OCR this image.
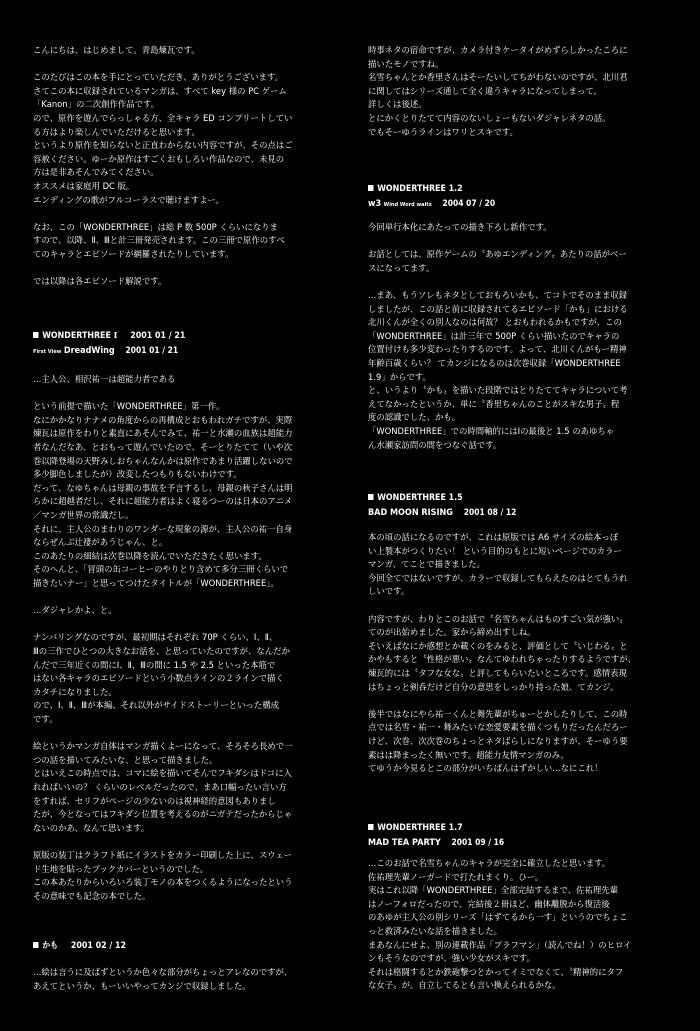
こんにちは、はじめまして。青島煉瓦です。
このたびはこの本を手にとっていただき、ありがとうございます。
さてこの本に収録されているマンガは、すべて key 様の PC ゲーム
「Kanon」の二次創作作品です。
ので、原作を遊んでらっしゃる方、全キャラ ED コンプリートしてい
る方はより楽しんでいただけると思います。
というより原作を知らないと正直わからない内容ですが、その点はご
容赦ください。ゆーか原作はすごくおもしろい作品なので、未見の
方は是非あそんでみてください。
オススメは家庭用 DC 版。
エンディングの歌がフルコーラスで聴けますよー。
なお、この「WONDERTHREE」は総 P 数 500P くらいになりま
すので、以降、Ⅱ、Ⅲと計三冊発売されます。この三冊で原作のすべ
てのキャラとエピソードが網羅されたりしています。
では以降は各エピソード解説です。
WONDERTHREE Ⅰ 2001 01 / 21
First View DreadWing 2001 01 / 21
…主人公、相沢祐一は超能力者である
という前提で描いた「WONDERTHREE」第一作。
なにかかなりナナメの角度からの再構成とおもわれガチですが、実際
煉瓦は原作をわりと素直にあそんでみて、祐一と水瀬の血族は超能力
者なんだなあ、とおもって遊んでいたので、そーとりたてて（いや次
巻以降登場の天野みしおちゃんなんかは原作であまり活躍しないので
多少脚色しましたが）改変したつもりもないわけです。
だって、なゆちゃんは母親の事故を予言するし、母親の秋子さんは明
らかに超越者だし、それに超能力者はよく寝るつーのは日本のアニメ
／マンガ世界の常識だし。
それに、主人公のまわりのワンダーな現象の源が、主人公の祐一自身
ならぜんぶ辻褄があうじゃん、と。
このあたりの細結は次巻以降を読んでいただきたく思います。
そのへんと、「冒頭の缶コーヒーのやりとり含めて多分三冊くらいで
描きたいナー」と思ってつけたタイトルが「WONDERTHREE」。
…ダジャレかよ、と。
ナンバリングなのですが、最初期はそれぞれ 70P くらい、Ⅰ、Ⅱ、
Ⅲの三作でひとつの大きなお話を、と思っていたのですが、なんだか
んだで三年近くの間にⅠ、Ⅱ、Ⅲの間に 1.5 や 2.5 といった本筋で
はない各キャラのエピソードという小数点ラインの２ラインで描く
カタチになりました。
ので、Ⅰ、Ⅱ、Ⅲが本編、それ以外がサイドストーリーといった構成
です。
絵というかマンガ自体はマンガ描くよーになって、そろそろ長めで一
つの話を描いてみたいな、と思って描きました。
とはいえこの時点では、コマに絵を描いてそんでフキダシはドコに入
れればいいの？ くらいのレベルだったので、まあ口幅ったい言い方
をすれば、セリフがページの少ないのは視神経的意図もありまし
たが、今となってはフキダシ位置を考えるのがニガテだったからじゃ
ないのかあ、なんて思います。
原版の装丁はクラフト紙にイラストをカラー印刷した上に、スウェー
ド生地を貼ったブックカバーというのでした。
この本あたりからいろいろ装丁モノの本をつくるようになったという
その意味でも記念の本でした。
かも 2001 02 / 12
…絵は言うに及ばずというか色々な部分がちょっとアレなのですが、
あえてというか、もーいいやってカンジで収録しました。
時事ネタの宿命ですが、カメラ付きケータイがめずらしかったころに
描いたモノですね。
名雪ちゃんとか香里さんはそーたいしてちがわないのですが、北川君
に関してはシリーズ通して全く違うキャラになってしまって。
詳しくは後述。
とにかくとりたてて内容のないしょーもないダジャレネタの話。
でもそーゆうラインはワリとスキです。
WONDERTHREE 1.2
w3 Wind Word waits 2004 07 / 20
今回単行本化にあたっての描き下ろし新作です。
お話としては、原作ゲームの〝あゆエンディング〟あたりの話がベー
スになってます。
…まあ、もうソレもネタとしておもろいかも、てコトでそのまま収録
しましたが、この話と前に収録されてるエピソード「かも」における
北川くんが全くの別人なのは何故？ とおもわれるかもですが、この
「WONDERTHREE」は計三年で 500P くらい描いたのでキャラの
位置付けも多少変わったりするのです。よって、北川くんがもー精神
年齢百歳くらい？ てカンジになるのは次巻収録「WONDERTHREE
1.9」からです。
と、いうより〝かも〟を描いた段階ではとりたててキャラについて考
えてなかったというか、単に〝香里ちゃんのことがスキな男子〟程
度の認識でした、かも。
「WONDERTHREE」での時間軸的にはⅠの最後と 1.5 のあゆちゃ
ん水瀬家訪問の間をつなぐ話です。
WONDERTHREE 1.5
BAD MOON RISING 2001 08 / 12
本の頃の話になるのですが、これは原版では A6 サイズの絵本っぽ
い上製本がつくりたい！ という目的のもとに短いページでのカラー
マンガ、てことで描きました。
今回全てではないですが、カラーで収録してもらえたのはとてもうれ
しいです。
内容ですが、わりとこのお話で〝名雪ちゃんはものすごい気が強い〟
てのが出始めました。家から締め出すしね。
そいえばなにか感想とか載くのをみると、評価として〝いじわる〟と
かやもすると〝性格が悪い〟なんてゆわれちゃったりするようですが、
煉瓦的には〝タフな女な〟と評してもらいたいところです。感情表現
はちょっと剣呑だけど自分の意思をしっかり持った娘、てカンジ。
後半ではなにやら祐一くんと舞先輩がちゅーとかしたりして、この時
点では名雪・祐一・舞みたいな恋愛要素を描くつもりだったんだろー
けど、次巻、次次巻のちょっとネタばらしになりますが、そーゆう要
素はは降まったく無いです。超能力友情マンガのみ。
てゆうか今見るとこの部分がいちばんはずかしい…なにこれ！
WONDERTHREE 1.7
MAD TEA PARTY 2001 09 / 16
…このお話で名雪ちゃんのキャラが完全に確立したと思います。
佐祐理先輩ノーガードで打たれまくり。ひー。
実はこれ以降「WONDERTHREE」全部完結するまで、佐祐理先輩
はノーフォロだったので、完結後２冊ほど、幽体離脱から復活後
のあゆが主人公の別シリーズ「はずてるから一す」というのでちょこ
っと救済みたいな話を描きました。
まあなんにせよ、別の連載作品「プラフマン」（読んでね！）のヒロイ
ンもそうなのですが、強い少女がスキです。
それは格闘するとか鉄砲撃つとかってイミでなくて、〝精神的にタフ
な女子〟が。自立してるとも言い換えられるかな。
